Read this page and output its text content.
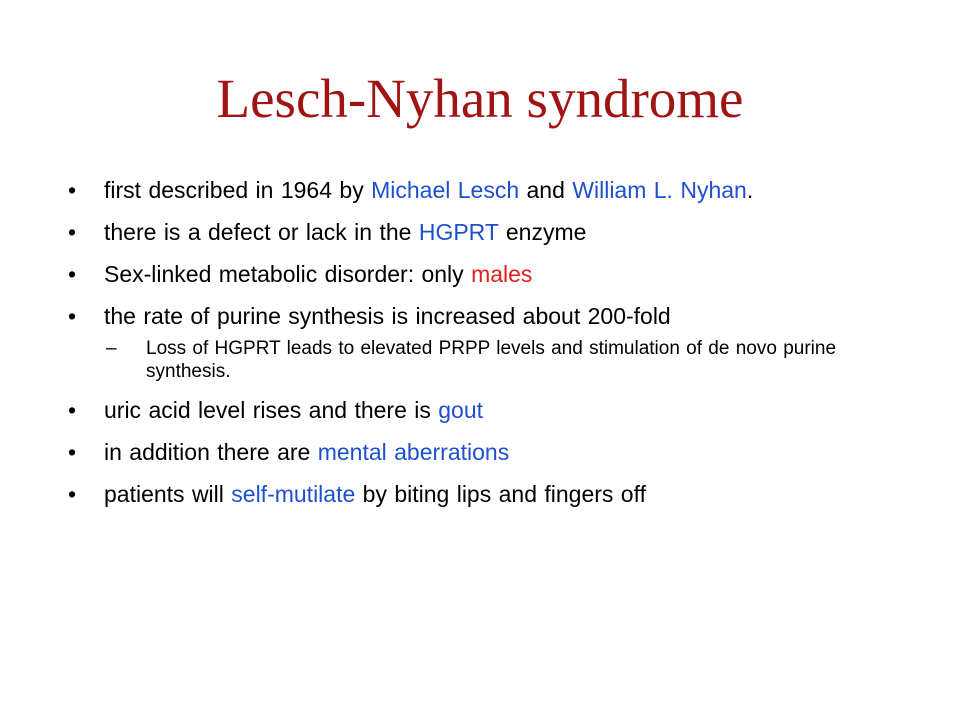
Lesch-Nyhan syndrome
• first described in 1964 by Michael Lesch and William L. Nyhan.
• there is a defect or lack in the HGPRT enzyme
• Sex-linked metabolic disorder: only males
• the rate of purine synthesis is increased about 200-fold
– Loss of HGPRT leads to elevated PRPP levels and stimulation of de novo purine synthesis.
• uric acid level rises and there is gout
• in addition there are mental aberrations
• patients will self-mutilate by biting lips and fingers off
